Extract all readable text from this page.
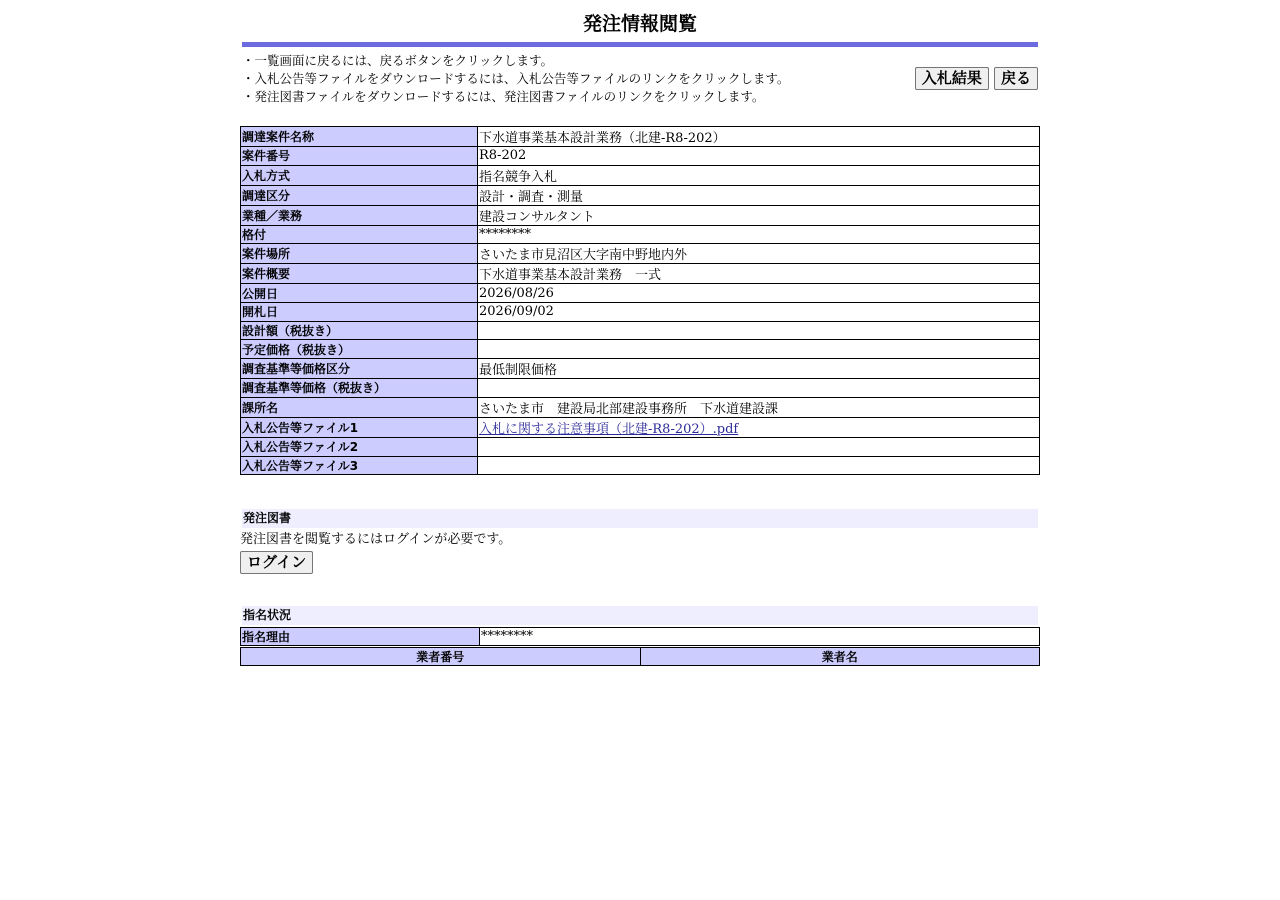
発注情報閲覧
・一覧画面に戻るには、戻るボタンをクリックします。
・入札公告等ファイルをダウンロードするには、入札公告等ファイルのリンクをクリックします。
・発注図書ファイルをダウンロードするには、発注図書ファイルのリンクをクリックします。
入札結果 戻る
調達案件名称	下水道事業基本設計業務（北建-R8-202）
案件番号	R8-202
入札方式	指名競争入札
調達区分	設計・調査・測量
業種／業務	建設コンサルタント
格付	********
案件場所	さいたま市見沼区大字南中野地内外
案件概要	下水道事業基本設計業務　一式
公開日	2026/08/26
開札日	2026/09/02
設計額（税抜き）	
予定価格（税抜き）	
調査基準等価格区分	最低制限価格
調査基準等価格（税抜き）	
課所名	さいたま市　建設局北部建設事務所　下水道建設課
入札公告等ファイル1	入札に関する注意事項（北建-R8-202）.pdf
入札公告等ファイル2	
入札公告等ファイル3	
発注図書
発注図書を閲覧するにはログインが必要です。
ログイン
指名状況
指名理由	********
業者番号	業者名
